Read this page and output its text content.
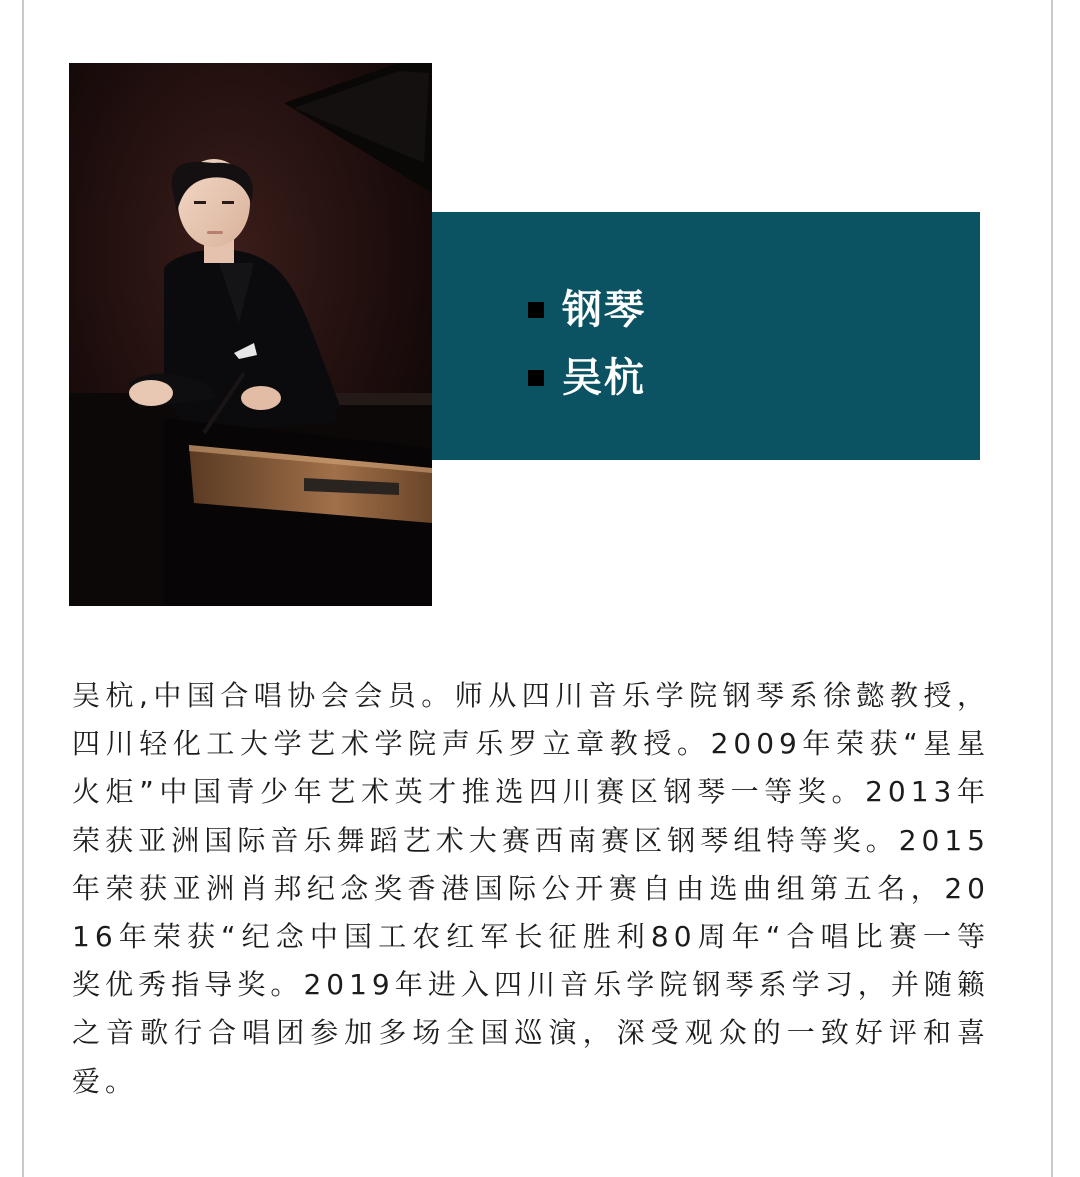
钢琴
吴杭

吴杭,中国合唱协会会员。师从四川音乐学院钢琴系徐懿教授，四川轻化工大学艺术学院声乐罗立章教授。2009年荣获“星星火炬”中国青少年艺术英才推选四川赛区钢琴一等奖。2013年荣获亚洲国际音乐舞蹈艺术大赛西南赛区钢琴组特等奖。2015年荣获亚洲肖邦纪念奖香港国际公开赛自由选曲组第五名，2016年荣获“纪念中国工农红军长征胜利80周年“合唱比赛一等奖优秀指导奖。2019年进入四川音乐学院钢琴系学习，并随籁之音歌行合唱团参加多场全国巡演，深受观众的一致好评和喜爱。
